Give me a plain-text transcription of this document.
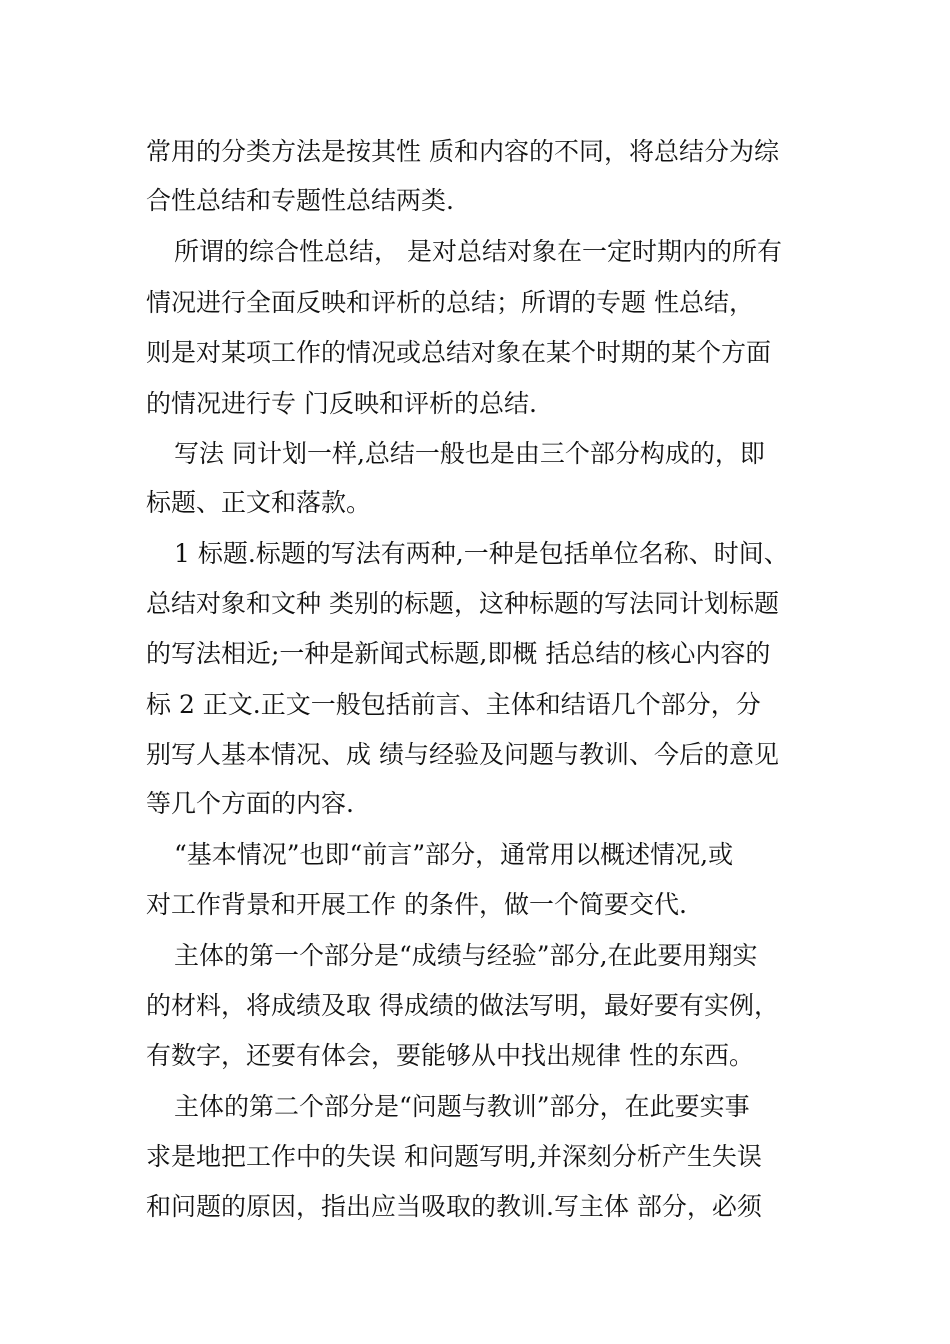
常用的分类方法是按其性 质和内容的不同，将总结分为综
合性总结和专题性总结两类.
所谓的综合性总结， 是对总结对象在一定时期内的所有
情况进行全面反映和评析的总结；所谓的专题 性总结，
则是对某项工作的情况或总结对象在某个时期的某个方面
的情况进行专 门反映和评析的总结.
写法 同计划一样,总结一般也是由三个部分构成的，即
标题、正文和落款。
1 标题.标题的写法有两种,一种是包括单位名称、时间、
总结对象和文种 类别的标题，这种标题的写法同计划标题
的写法相近;一种是新闻式标题,即概 括总结的核心内容的
标 2 正文.正文一般包括前言、主体和结语几个部分，分
别写人基本情况、成 绩与经验及问题与教训、今后的意见
等几个方面的内容.
“基本情况”也即“前言”部分，通常用以概述情况,或
对工作背景和开展工作 的条件，做一个简要交代.
主体的第一个部分是“成绩与经验”部分,在此要用翔实
的材料，将成绩及取 得成绩的做法写明，最好要有实例，
有数字，还要有体会，要能够从中找出规律 性的东西。
主体的第二个部分是“问题与教训”部分，在此要实事
求是地把工作中的失误 和问题写明,并深刻分析产生失误
和问题的原因，指出应当吸取的教训.写主体 部分，必须
